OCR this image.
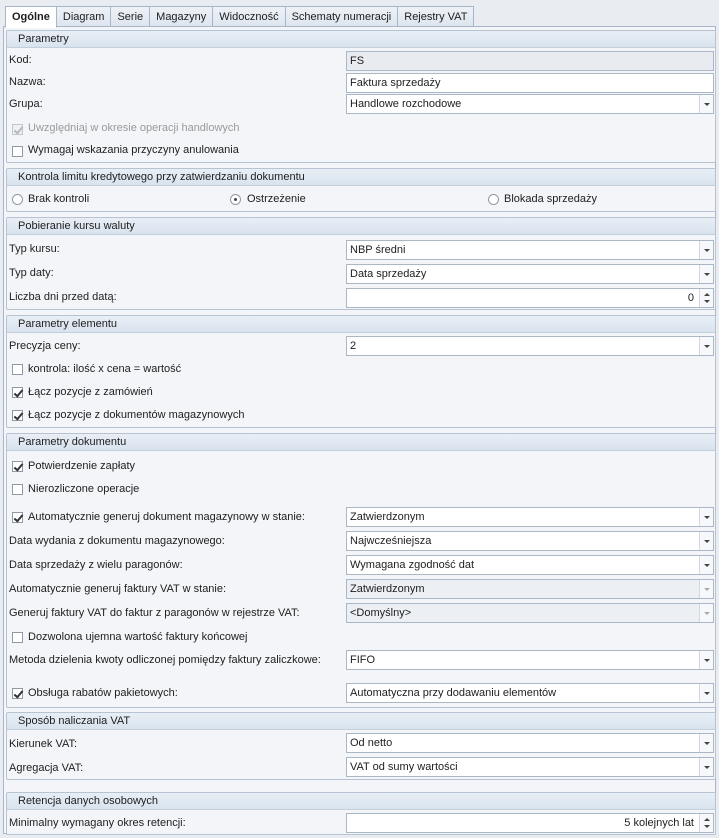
Ogólne	Diagram	Serie	Magazyny	Widoczność	Schematy numeracji	Rejestry VAT
Parametry
Kod:	FS
Nazwa:	Faktura sprzedaży
Grupa:	Handlowe rozchodowe
Uwzględniaj w okresie operacji handlowych
Wymagaj wskazania przyczyny anulowania
Kontrola limitu kredytowego przy zatwierdzaniu dokumentu
Brak kontroli	Ostrzeżenie	Blokada sprzedaży
Pobieranie kursu waluty
Typ kursu:	NBP średni
Typ daty:	Data sprzedaży
Liczba dni przed datą:	0
Parametry elementu
Precyzja ceny:	2
kontrola: ilość x cena = wartość
Łącz pozycje z zamówień
Łącz pozycje z dokumentów magazynowych
Parametry dokumentu
Potwierdzenie zapłaty
Nierozliczone operacje
Automatycznie generuj dokument magazynowy w stanie:	Zatwierdzonym
Data wydania z dokumentu magazynowego:	Najwcześniejsza
Data sprzedaży z wielu paragonów:	Wymagana zgodność dat
Automatycznie generuj faktury VAT w stanie:	Zatwierdzonym
Generuj faktury VAT do faktur z paragonów w rejestrze VAT:	<Domyślny>
Dozwolona ujemna wartość faktury końcowej
Metoda dzielenia kwoty odliczonej pomiędzy faktury zaliczkowe:	FIFO
Obsługa rabatów pakietowych:	Automatyczna przy dodawaniu elementów
Sposób naliczania VAT
Kierunek VAT:	Od netto
Agregacja VAT:	VAT od sumy wartości
Retencja danych osobowych
Minimalny wymagany okres retencji:	5 kolejnych lat
